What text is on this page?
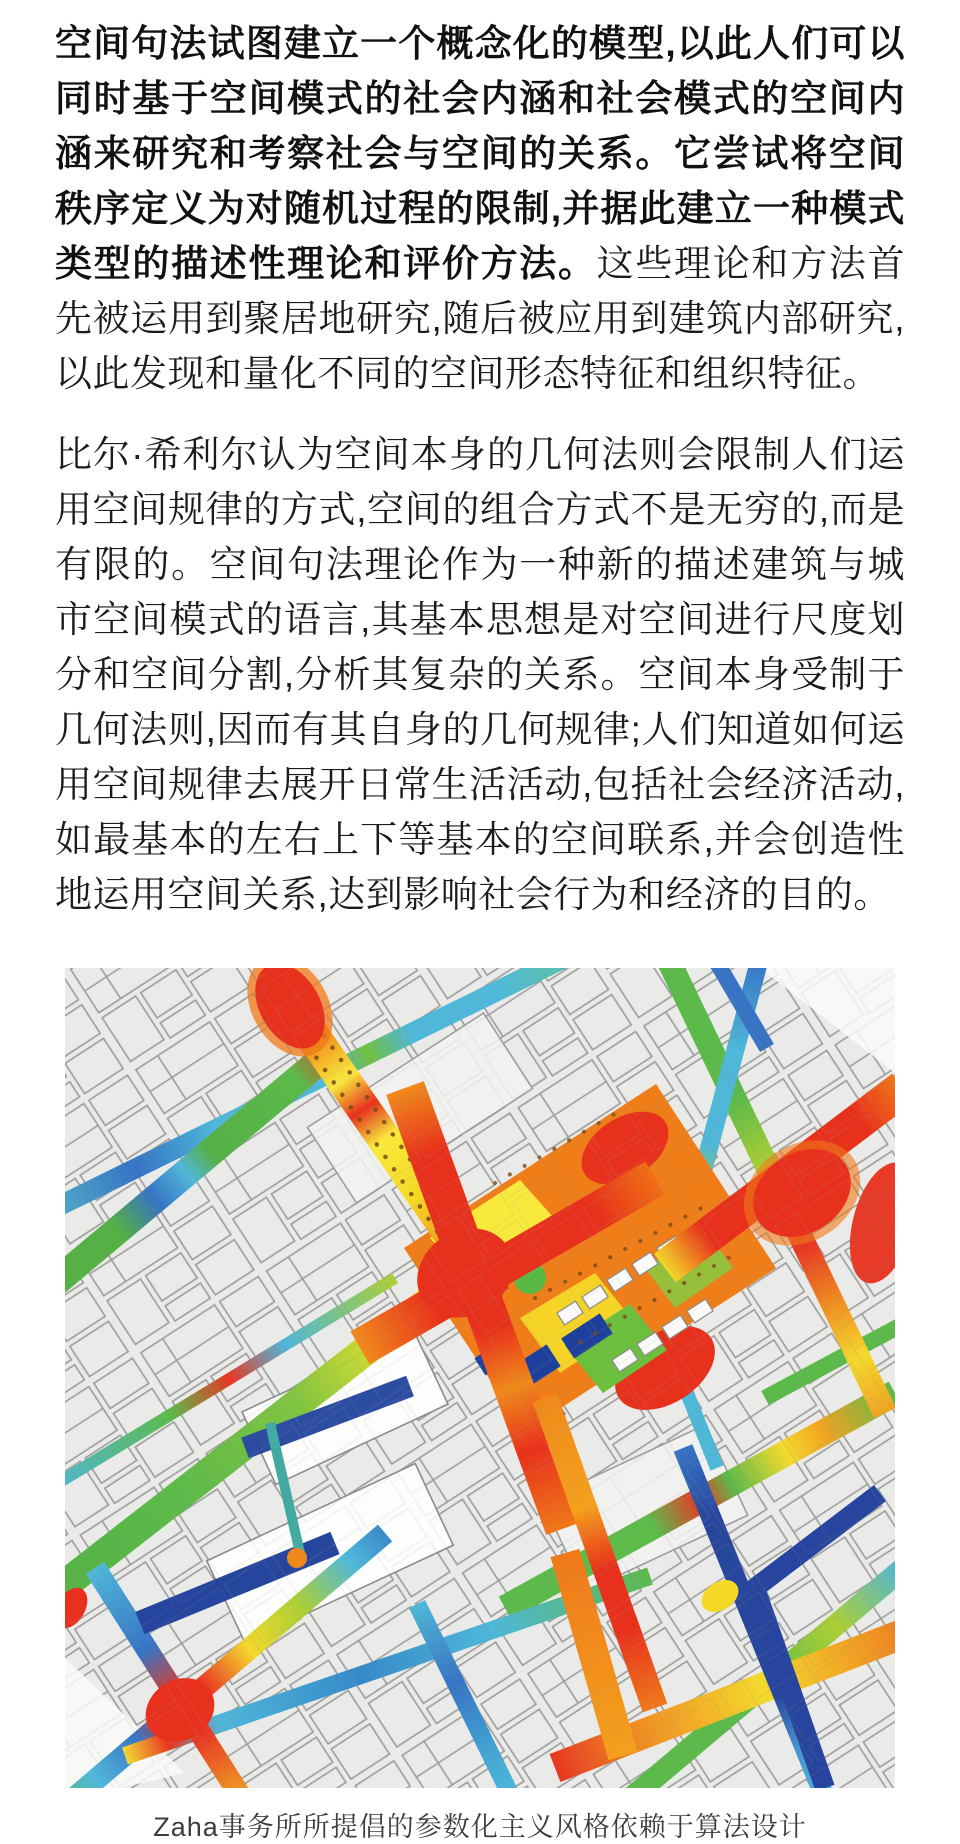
空间句法试图建立一个概念化的模型,以此人们可以同时基于空间模式的社会内涵和社会模式的空间内涵来研究和考察社会与空间的关系。它尝试将空间秩序定义为对随机过程的限制,并据此建立一种模式类型的描述性理论和评价方法。这些理论和方法首先被运用到聚居地研究,随后被应用到建筑内部研究,以此发现和量化不同的空间形态特征和组织特征。

比尔·希利尔认为空间本身的几何法则会限制人们运用空间规律的方式,空间的组合方式不是无穷的,而是有限的。空间句法理论作为一种新的描述建筑与城市空间模式的语言,其基本思想是对空间进行尺度划分和空间分割,分析其复杂的关系。空间本身受制于几何法则,因而有其自身的几何规律;人们知道如何运用空间规律去展开日常生活活动,包括社会经济活动,如最基本的左右上下等基本的空间联系,并会创造性地运用空间关系,达到影响社会行为和经济的目的。

Zaha事务所所提倡的参数化主义风格依赖于算法设计
